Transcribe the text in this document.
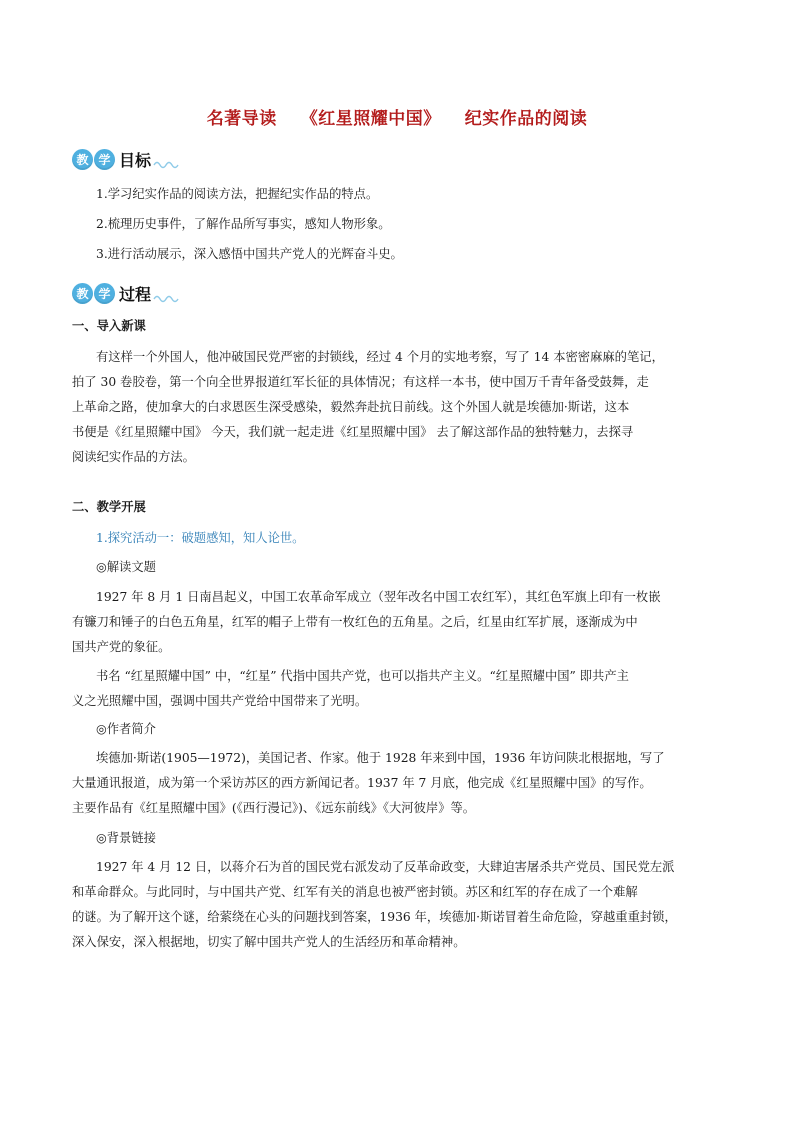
名著导读 《红星照耀中国》 纪实作品的阅读
教 学 目标
1.学习纪实作品的阅读方法，把握纪实作品的特点。
2.梳理历史事件，了解作品所写事实，感知人物形象。
3.进行活动展示，深入感悟中国共产党人的光辉奋斗史。
教 学 过程
一、导入新课
有这样一个外国人，他冲破国民党严密的封锁线，经过 4 个月的实地考察，写了 14 本密密麻麻的笔记，
拍了 30 卷胶卷，第一个向全世界报道红军长征的具体情况；有这样一本书，使中国万千青年备受鼓舞，走
上革命之路，使加拿大的白求恩医生深受感染，毅然奔赴抗日前线。这个外国人就是埃德加·斯诺，这本
书便是《红星照耀中国》 今天，我们就一起走进《红星照耀中国》 去了解这部作品的独特魅力，去探寻
阅读纪实作品的方法。
二、教学开展
1.探究活动一：破题感知，知人论世。
◎解读文题
1927 年 8 月 1 日南昌起义，中国工农革命军成立（翌年改名中国工农红军），其红色军旗上印有一枚嵌
有镰刀和锤子的白色五角星，红军的帽子上带有一枚红色的五角星。之后，红星由红军扩展，逐渐成为中
国共产党的象征。
书名 “红星照耀中国” 中，“红星” 代指中国共产党，也可以指共产主义。“红星照耀中国” 即共产主
义之光照耀中国，强调中国共产党给中国带来了光明。
◎作者简介
埃德加·斯诺(1905—1972)，美国记者、作家。他于 1928 年来到中国，1936 年访问陕北根据地，写了
大量通讯报道，成为第一个采访苏区的西方新闻记者。1937 年 7 月底，他完成《红星照耀中国》的写作。
主要作品有《红星照耀中国》(《西行漫记》)、《远东前线》《大河彼岸》等。
◎背景链接
1927 年 4 月 12 日，以蒋介石为首的国民党右派发动了反革命政变，大肆迫害屠杀共产党员、国民党左派
和革命群众。与此同时，与中国共产党、红军有关的消息也被严密封锁。苏区和红军的存在成了一个难解
的谜。为了解开这个谜，给萦绕在心头的问题找到答案，1936 年，埃德加·斯诺冒着生命危险，穿越重重封锁，
深入保安，深入根据地，切实了解中国共产党人的生活经历和革命精神。
